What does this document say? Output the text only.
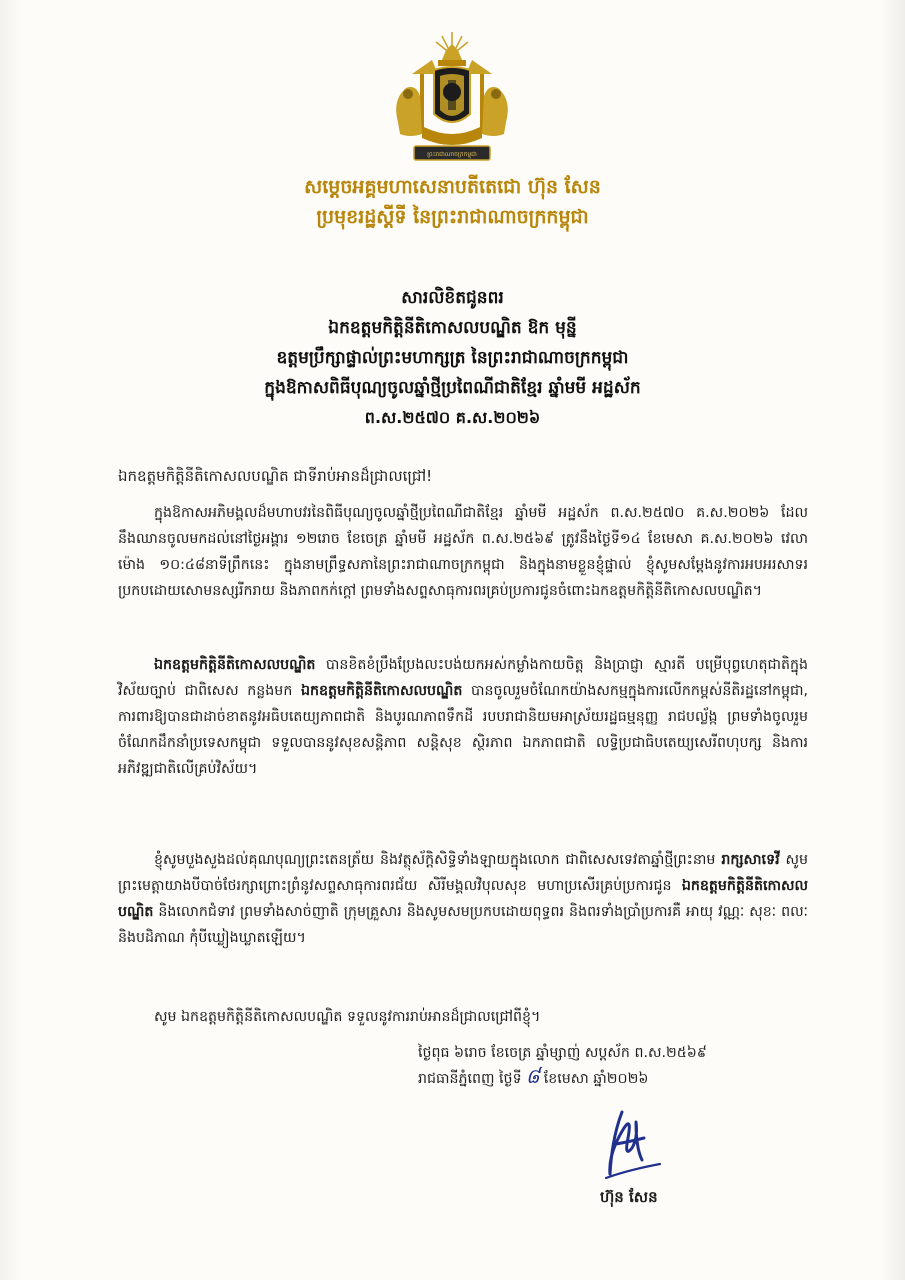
ព្រះរាជាណាចក្រកម្ពុជា
សម្តេចអគ្គមហាសេនាបតីតេជោ ហ៊ុន សែន
ប្រមុខរដ្ឋស្តីទី នៃព្រះរាជាណាចក្រកម្ពុជា
សារលិខិតជូនពរ
ឯកឧត្តមកិត្តិនីតិកោសលបណ្ឌិត ឱក មុន្នី
ឧត្តមប្រឹក្សាផ្ទាល់ព្រះមហាក្សត្រ នៃព្រះរាជាណាចក្រកម្ពុជា
ក្នុងឱកាសពិធីបុណ្យចូលឆ្នាំថ្មីប្រពៃណីជាតិខ្មែរ ឆ្នាំមមី អដ្ឋស័ក
ព.ស.២៥៧០ គ.ស.២០២៦
ឯកឧត្តមកិត្តិនីតិកោសលបណ្ឌិត ជាទីរាប់អានដ៏ជ្រាលជ្រៅ!
ក្នុងឱកាសអភិមង្គលដ៏មហាបវរនៃពិធីបុណ្យចូលឆ្នាំថ្មីប្រពៃណីជាតិខ្មែរ ឆ្នាំមមី អដ្ឋស័ក ព.ស.២៥៧០ គ.ស.២០២៦ ដែលនឹងឈានចូលមកដល់នៅថ្ងៃអង្គារ ១២រោច ខែចេត្រ ឆ្នាំមមី អដ្ឋស័ក ព.ស.២៥៦៩ ត្រូវនឹងថ្ងៃទី១៤ ខែមេសា គ.ស.២០២៦ វេលាម៉ោង ១០:៤៨នាទីព្រឹកនេះ ក្នុងនាមព្រឹទ្ធសភានៃព្រះរាជាណាចក្រកម្ពុជា និងក្នុងនាមខ្លួនខ្ញុំផ្ទាល់ ខ្ញុំសូមសម្តែងនូវការអបអរសាទរប្រកបដោយសោមនស្សរីករាយ និងភាពកក់ក្តៅ ព្រមទាំងសព្ទសាធុការពរគ្រប់ប្រការជូនចំពោះឯកឧត្តមកិត្តិនីតិកោសលបណ្ឌិត។
ឯកឧត្តមកិត្តិនីតិកោសលបណ្ឌិត បានខិតខំប្រឹងប្រែងលះបង់យកអស់កម្លាំងកាយចិត្ត និងប្រាជ្ញា ស្មារតី បម្រើបុព្វហេតុជាតិក្នុងវិស័យច្បាប់ ជាពិសេស កន្លងមក ឯកឧត្តមកិត្តិនីតិកោសលបណ្ឌិត បានចូលរួមចំណែកយ៉ាងសកម្មក្នុងការលើកកម្ពស់នីតិរដ្ឋនៅកម្ពុជា, ការពារឱ្យបានជាដាច់ខាតនូវអធិបតេយ្យភាពជាតិ និងបូរណភាពទឹកដី របបរាជានិយមអាស្រ័យរដ្ឋធម្មនុញ្ញ រាជបល្ល័ង្ក ព្រមទាំងចូលរួមចំណែកដឹកនាំប្រទេសកម្ពុជា ទទួលបាននូវសុខសន្តិភាព សន្តិសុខ ស្ថិរភាព ឯកភាពជាតិ លទ្ធិប្រជាធិបតេយ្យសេរីពហុបក្ស និងការអភិវឌ្ឍជាតិលើគ្រប់វិស័យ។
ខ្ញុំសូមបួងសួងដល់គុណបុណ្យព្រះតេនត្រ័យ និងវត្ថុស័ក្តិសិទ្ធិទាំងឡាយក្នុងលោក ជាពិសេសទេវតាឆ្នាំថ្មីព្រះនាម រាក្សសាទេវី សូមព្រះមេត្តាយាងបីបាច់ថែរក្សាព្រោះព្រំនូវសព្ទសាធុការពរជ័យ សិរីមង្គលវិបុលសុខ មហាប្រសើរគ្រប់ប្រការជូន ឯកឧត្តមកិត្តិនីតិកោសលបណ្ឌិត និងលោកជំទាវ ព្រមទាំងសាច់ញាតិ ក្រុមគ្រួសារ និងសូមសមប្រកបដោយពុទ្ធពរ និងពរទាំងប្រាំប្រការគឺ អាយុ វណ្ណៈ សុខៈ ពលៈ និងបដិភាណ កុំបីឃ្លៀងឃ្លាតឡើយ។
សូម ឯកឧត្តមកិត្តិនីតិកោសលបណ្ឌិត ទទួលនូវការរាប់អានដ៏ជ្រាលជ្រៅពីខ្ញុំ។
ថ្ងៃពុធ ៦រោច ខែចេត្រ ឆ្នាំម្សាញ់ សប្តស័ក ព.ស.២៥៦៩
រាជធានីភ្នំពេញ ថ្ងៃទី ៨ ខែមេសា ឆ្នាំ២០២៦
ហ៊ុន សែន
